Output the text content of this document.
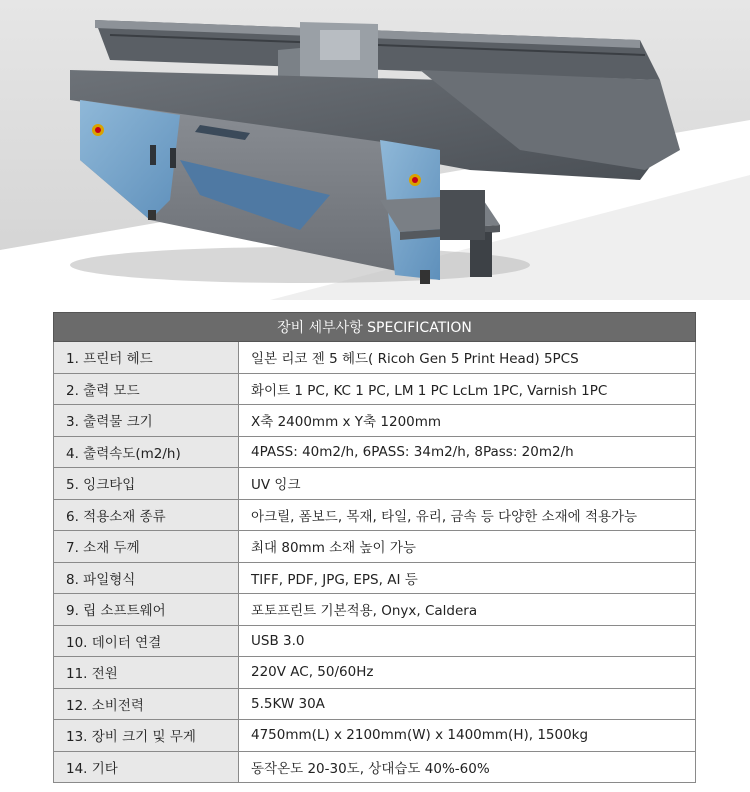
장비 세부사항 SPECIFICATION	
1. 프린터 헤드	일본 리코 젠 5 헤드( Ricoh Gen 5 Print Head) 5PCS
2. 출력 모드	화이트 1 PC, KC 1 PC, LM 1 PC LcLm 1PC, Varnish 1PC
3. 출력물 크기	X축 2400mm x Y축 1200mm
4. 출력속도(m2/h)	4PASS: 40m2/h, 6PASS: 34m2/h, 8Pass: 20m2/h
5. 잉크타입	UV 잉크
6. 적용소재 종류	아크릴, 폼보드, 목재, 타일, 유리, 금속 등 다양한 소재에 적용가능
7. 소재 두께	최대 80mm 소재 높이 가능
8. 파일형식	TIFF, PDF, JPG, EPS, AI 등
9. 립 소프트웨어	포토프린트 기본적용, Onyx, Caldera
10. 데이터 연결	USB 3.0
11. 전원	220V AC, 50/60Hz
12. 소비전력	5.5KW 30A
13. 장비 크기 및 무게	4750mm(L) x 2100mm(W) x 1400mm(H), 1500kg
14. 기타	동작온도 20-30도, 상대습도 40%-60%
